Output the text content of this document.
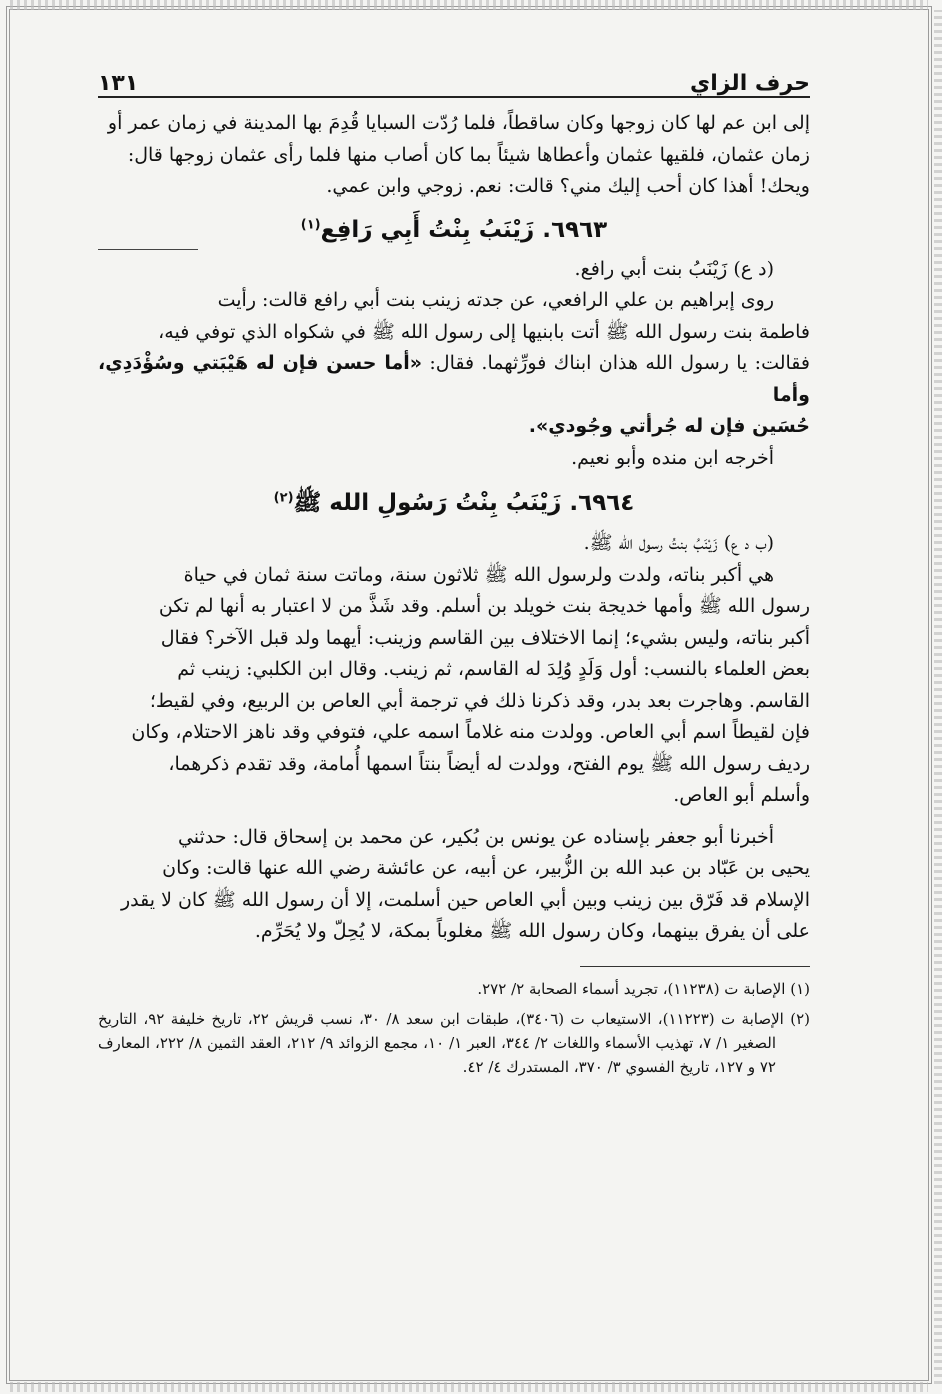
حرف الزاي
١٣١

إلى ابن عم لها كان زوجها وكان ساقطاً، فلما رُدّت السبايا قُدِمَ بها المدينة في زمان عمر أو

زمان عثمان، فلقيها عثمان وأعطاها شيئاً بما كان أصاب منها فلما رأى عثمان زوجها قال:

ويحك! أهذا كان أحب إليك مني؟ قالت: نعم. زوجي وابن عمي.

٦٩٦٣. زَيْنَبُ بِنْتُ أَبِي رَافِع$^{(١)}$

(د ع) زَيْنَبُ بنت أبي رافع.

روى إبراهيم بن علي الرافعي، عن جدته زينب بنت أبي رافع قالت: رأيت

فاطمة بنت رسول الله ﷺ أتت بابنيها إلى رسول الله ﷺ في شكواه الذي توفي فيه،

فقالت: يا رسول الله هذان ابناك فورِّثهما. فقال: «أما حسن فإن له هَيْبَتي وسُؤْدَدِي، وأما

حُسَين فإن له جُرأتي وجُودي».

أخرجه ابن منده وأبو نعيم.

٦٩٦٤. زَيْنَبُ بِنْتُ رَسُولِ الله ﷺ$^{(٢)}$

(ب د ع) زَيْنَبُ بنتُ رسول الله ﷺ.

هي أكبر بناته، ولدت ولرسول الله ﷺ ثلاثون سنة، وماتت سنة ثمان في حياة

رسول الله ﷺ وأمها خديجة بنت خويلد بن أسلم. وقد شَذَّ من لا اعتبار به أنها لم تكن

أكبر بناته، وليس بشيء؛ إنما الاختلاف بين القاسم وزينب: أيهما ولد قبل الآخر؟ فقال

بعض العلماء بالنسب: أول وَلَدٍ وُلِدَ له القاسم، ثم زينب. وقال ابن الكلبي: زينب ثم

القاسم. وهاجرت بعد بدر، وقد ذكرنا ذلك في ترجمة أبي العاص بن الربيع، وفي لقيط؛

فإن لقيطاً اسم أبي العاص. وولدت منه غلاماً اسمه علي، فتوفي وقد ناهز الاحتلام، وكان

رديف رسول الله ﷺ يوم الفتح، وولدت له أيضاً بنتاً اسمها أُمامة، وقد تقدم ذكرهما،

وأسلم أبو العاص.

أخبرنا أبو جعفر بإسناده عن يونس بن بُكير، عن محمد بن إسحاق قال: حدثني

يحيى بن عَبّاد بن عبد الله بن الزُّبير، عن أبيه، عن عائشة رضي الله عنها قالت: وكان

الإسلام قد فَرّق بين زينب وبين أبي العاص حين أسلمت، إلا أن رسول الله ﷺ كان لا يقدر

على أن يفرق بينهما، وكان رسول الله ﷺ مغلوباً بمكة، لا يُحِلّ ولا يُحَرِّم.

(١) الإصابة ت (١١٢٣٨)، تجريد أسماء الصحابة ٢/ ٢٧٢.

(٢) الإصابة ت (١١٢٢٣)، الاستيعاب ت (٣٤٠٦)، طبقات ابن سعد ٨/ ٣٠، نسب قريش ٢٢، تاريخ خليفة ٩٢، التاريخ الصغير ١/ ٧، تهذيب الأسماء واللغات ٢/ ٣٤٤، العبر ١/ ١٠، مجمع الزوائد ٩/ ٢١٢، العقد الثمين ٨/ ٢٢٢، المعارف ٧٢ و ١٢٧، تاريخ الفسوي ٣/ ٣٧٠، المستدرك ٤/ ٤٢.
